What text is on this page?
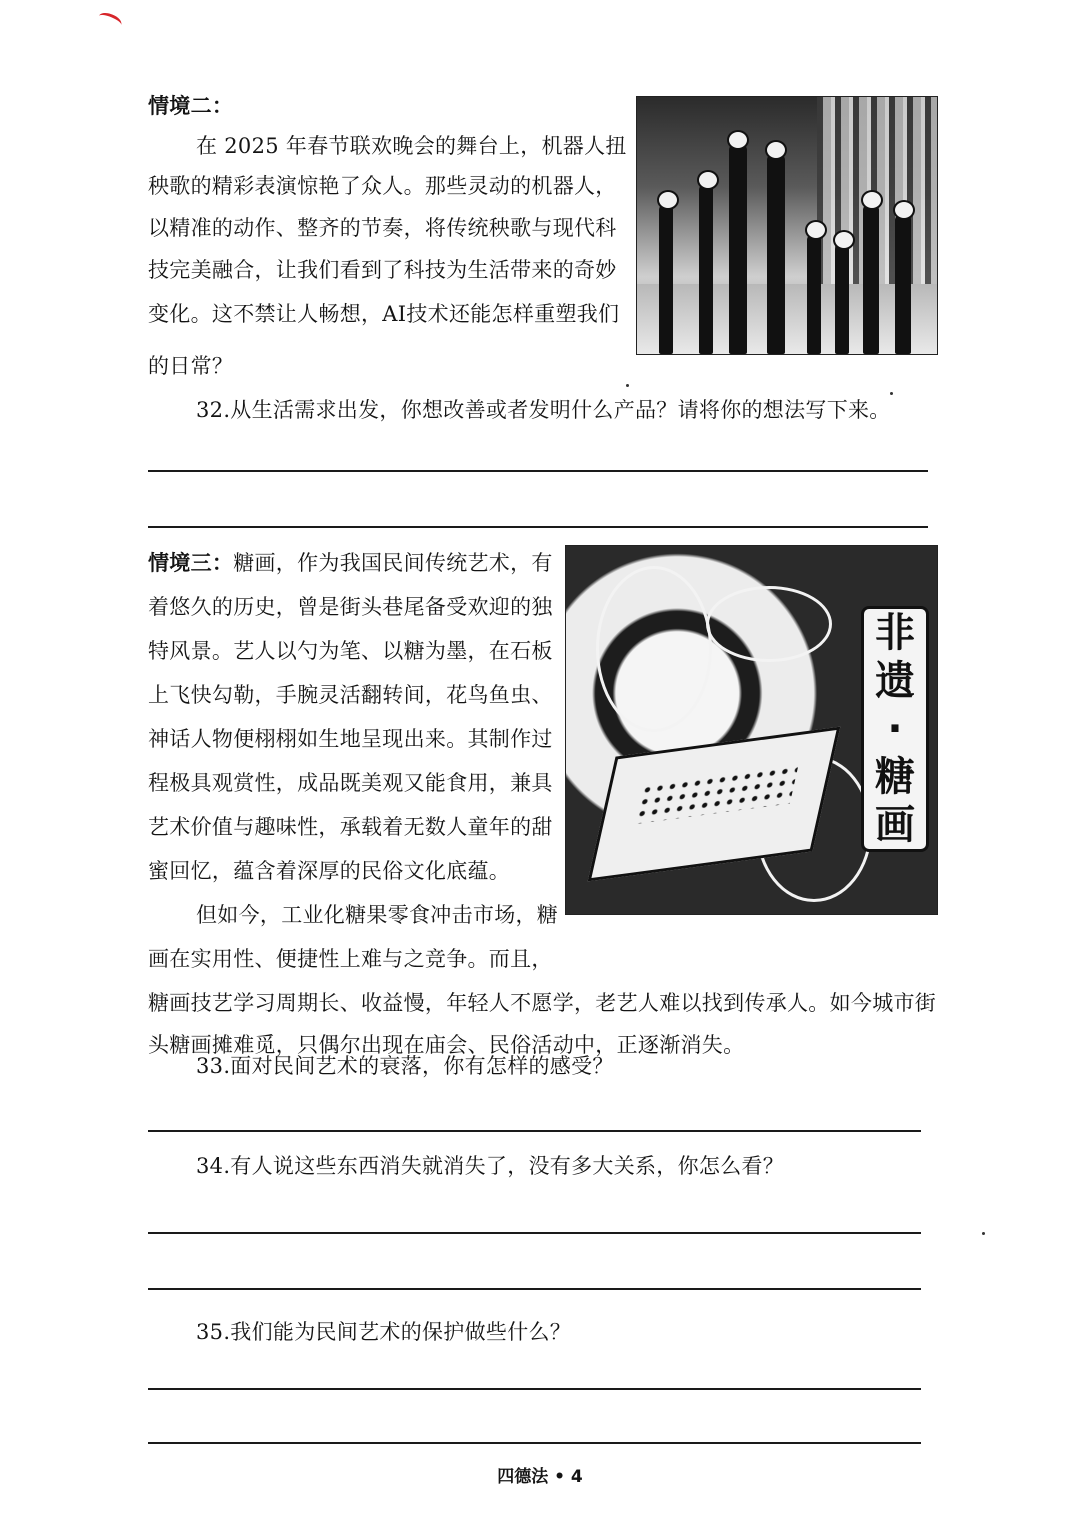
情境二：
在 2025 年春节联欢晚会的舞台上，机器人扭
秧歌的精彩表演惊艳了众人。那些灵动的机器人，
以精准的动作、整齐的节奏，将传统秧歌与现代科
技完美融合，让我们看到了科技为生活带来的奇妙
变化。这不禁让人畅想，AI技术还能怎样重塑我们
的日常？
32.从生活需求出发，你想改善或者发明什么产品？请将你的想法写下来。
情境三：糖画，作为我国民间传统艺术，有
着悠久的历史，曾是街头巷尾备受欢迎的独
特风景。艺人以勺为笔、以糖为墨，在石板
上飞快勾勒，手腕灵活翻转间，花鸟鱼虫、
神话人物便栩栩如生地呈现出来。其制作过
程极具观赏性，成品既美观又能食用，兼具
艺术价值与趣味性，承载着无数人童年的甜
蜜回忆，蕴含着深厚的民俗文化底蕴。
但如今，工业化糖果零食冲击市场，糖
画在实用性、便捷性上难与之竞争。而且，
糖画技艺学习周期长、收益慢，年轻人不愿学，老艺人难以找到传承人。如今城市街
头糖画摊难觅，只偶尔出现在庙会、民俗活动中，正逐渐消失。
非
遗
·
糖
画
33.面对民间艺术的衰落，你有怎样的感受？
34.有人说这些东西消失就消失了，没有多大关系，你怎么看？
35.我们能为民间艺术的保护做些什么？
四德法 • 4
